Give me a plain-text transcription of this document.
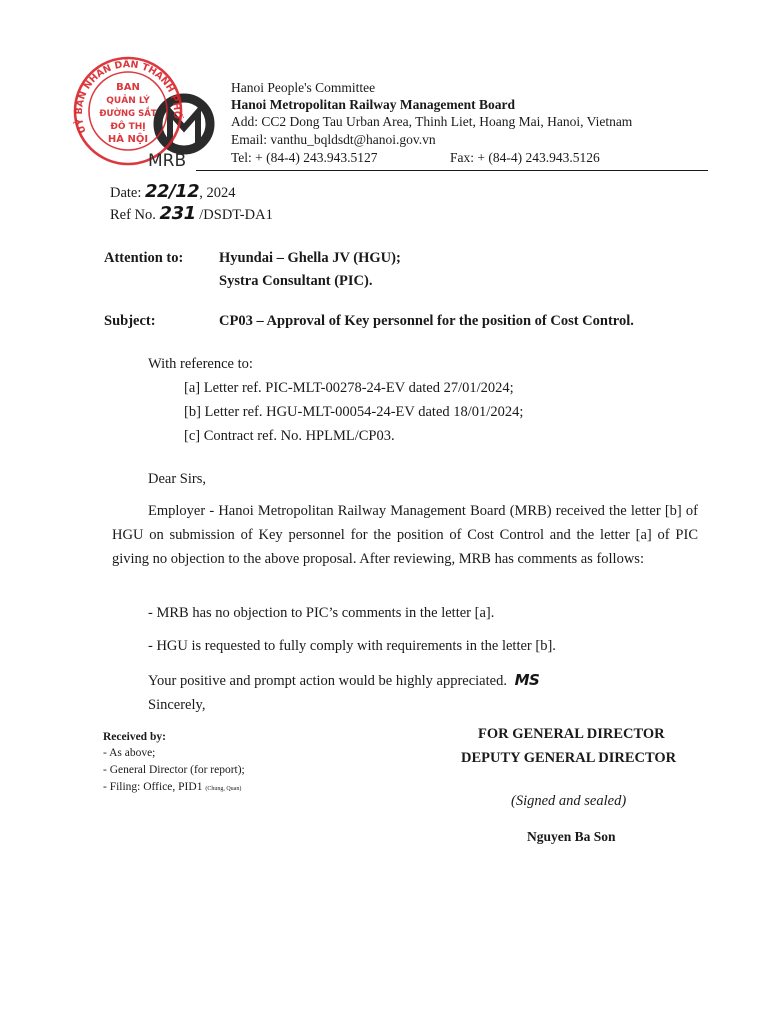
UỶ BAN NHÂN DÂN THÀNH PHỐ
BAN
QUẢN LÝ
ĐƯỜNG SẮT
ĐÔ THỊ
HÀ NỘI
MRB
Hanoi People's Committee
Hanoi Metropolitan Railway Management Board
Add: CC2 Dong Tau Urban Area, Thinh Liet, Hoang Mai, Hanoi, Vietnam
Email: vanthu_bqldsdt@hanoi.gov.vn
Tel: + (84-4) 243.943.5127	Fax: + (84-4) 243.943.5126
Date: 22/12, 2024
Ref No. 231 /DSDT-DA1
Attention to: Hyundai – Ghella JV (HGU);
Systra Consultant (PIC).
Subject:	CP03 – Approval of Key personnel for the position of Cost Control.
With reference to:
[a] Letter ref. PIC-MLT-00278-24-EV dated 27/01/2024;
[b] Letter ref. HGU-MLT-00054-24-EV dated 18/01/2024;
[c] Contract ref. No. HPLML/CP03.
Dear Sirs,
Employer - Hanoi Metropolitan Railway Management Board (MRB) received the letter [b] of HGU on submission of Key personnel for the position of Cost Control and the letter [a] of PIC giving no objection to the above proposal. After reviewing, MRB has comments as follows:
- MRB has no objection to PIC’s comments in the letter [a].
- HGU is requested to fully comply with requirements in the letter [b].
Your positive and prompt action would be highly appreciated. MS
Sincerely,
Received by:
- As above;
- General Director (for report);
- Filing: Office, PID1 (Chung, Quan)
FOR GENERAL DIRECTOR
DEPUTY GENERAL DIRECTOR
(Signed and sealed)
Nguyen Ba Son
